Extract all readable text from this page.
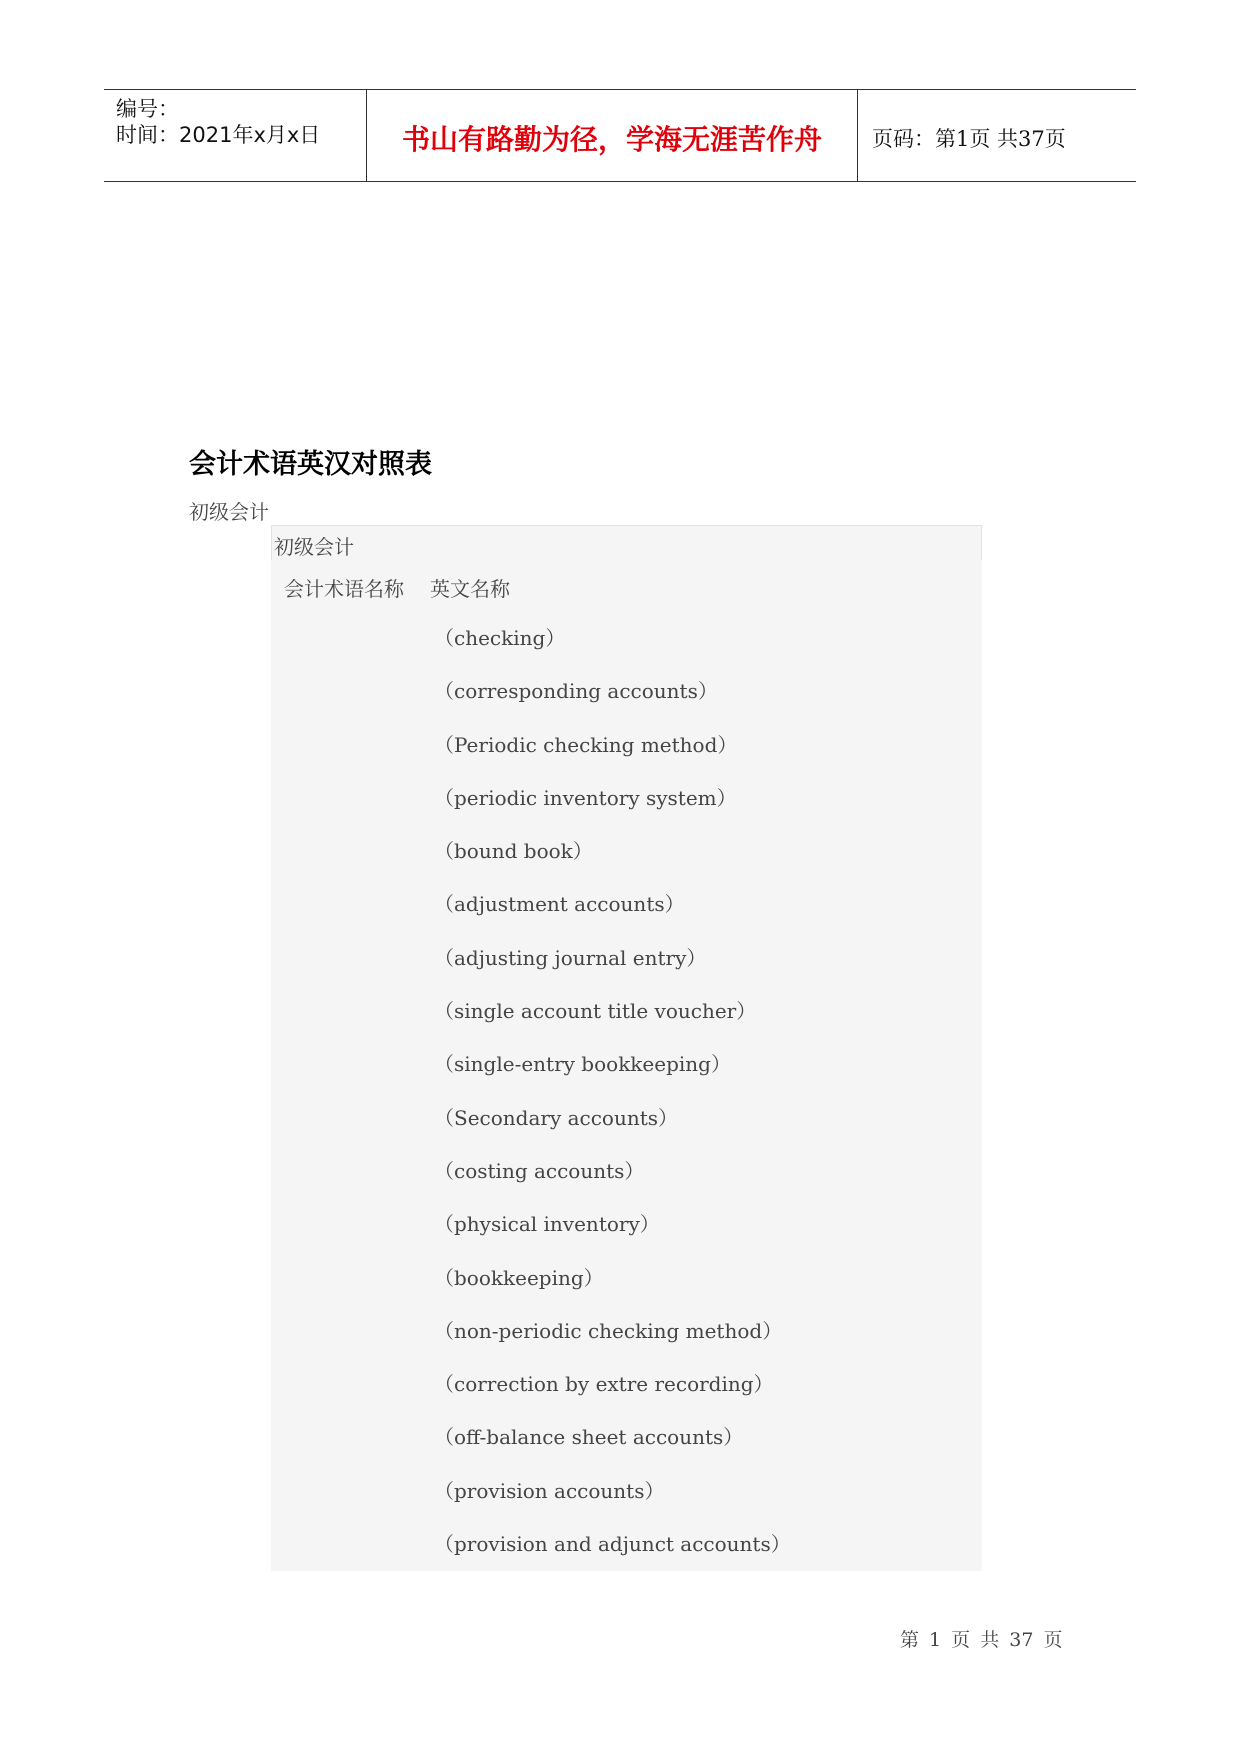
编号：
时间：2021年x月x日	书山有路勤为径，学海无涯苦作舟	页码：第1页 共37页
会计术语英汉对照表
初级会计
初级会计
会计术语名称 英文名称
（checking）
（corresponding accounts）
（Periodic checking method）
（periodic inventory system）
（bound book）
（adjustment accounts）
（adjusting journal entry）
（single account title voucher）
（single-entry bookkeeping）
（Secondary accounts）
（costing accounts）
（physical inventory）
（bookkeeping）
（non-periodic checking method）
（correction by extre recording）
（off-balance sheet accounts）
（provision accounts）
（provision and adjunct accounts）
第 1 页 共 37 页
